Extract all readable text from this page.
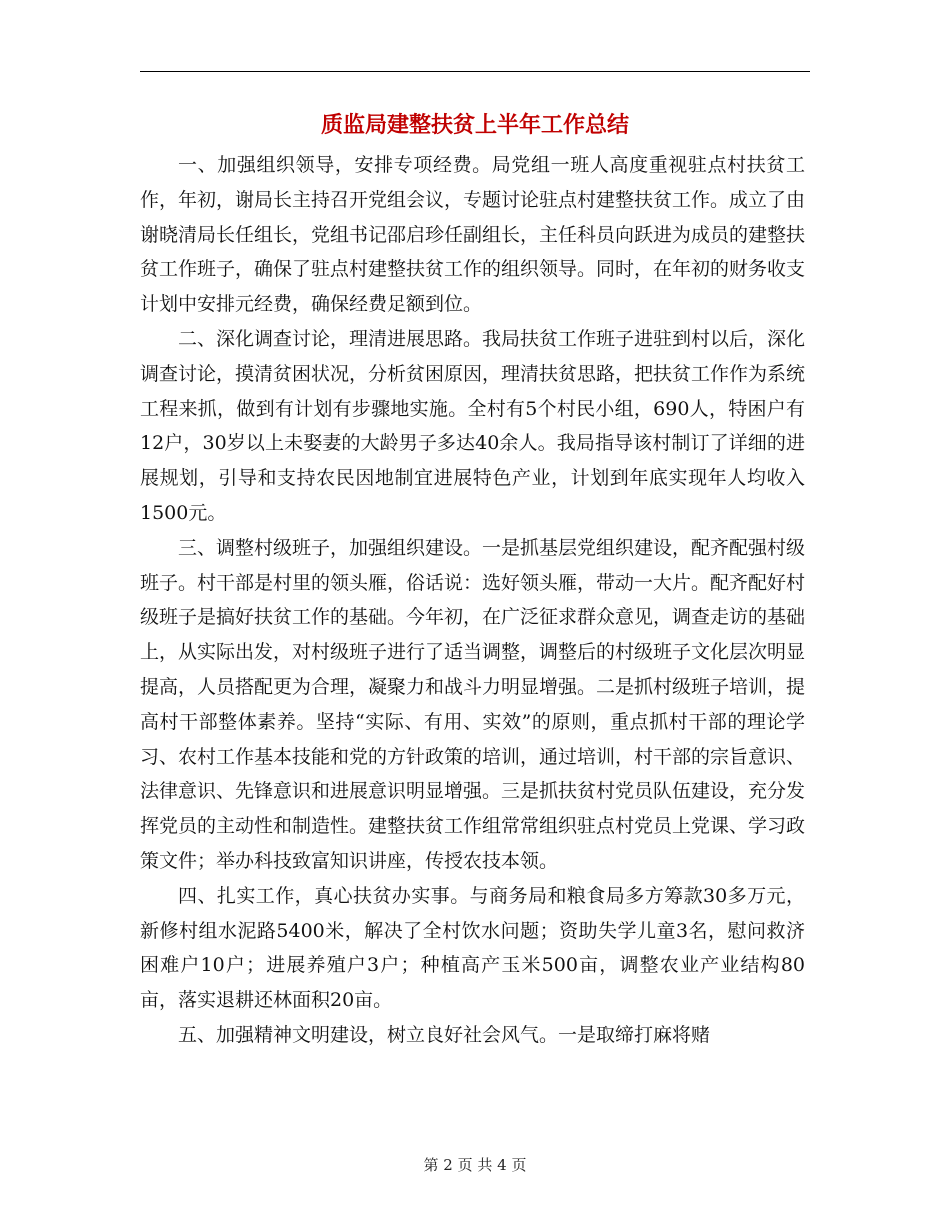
质监局建整扶贫上半年工作总结

一、加强组织领导，安排专项经费。局党组一班人高度重视驻点村扶贫工作，年初，谢局长主持召开党组会议，专题讨论驻点村建整扶贫工作。成立了由谢晓清局长任组长，党组书记邵启珍任副组长，主任科员向跃进为成员的建整扶贫工作班子，确保了驻点村建整扶贫工作的组织领导。同时，在年初的财务收支计划中安排元经费，确保经费足额到位。

二、深化调查讨论，理清进展思路。我局扶贫工作班子进驻到村以后，深化调查讨论，摸清贫困状况，分析贫困原因，理清扶贫思路，把扶贫工作作为系统工程来抓，做到有计划有步骤地实施。全村有5个村民小组，690人，特困户有12户，30岁以上未娶妻的大龄男子多达40余人。我局指导该村制订了详细的进展规划，引导和支持农民因地制宜进展特色产业，计划到年底实现年人均收入1500元。

三、调整村级班子，加强组织建设。一是抓基层党组织建设，配齐配强村级班子。村干部是村里的领头雁，俗话说：选好领头雁，带动一大片。配齐配好村级班子是搞好扶贫工作的基础。今年初，在广泛征求群众意见，调查走访的基础上，从实际出发，对村级班子进行了适当调整，调整后的村级班子文化层次明显提高，人员搭配更为合理，凝聚力和战斗力明显增强。二是抓村级班子培训，提高村干部整体素养。坚持“实际、有用、实效”的原则，重点抓村干部的理论学习、农村工作基本技能和党的方针政策的培训，通过培训，村干部的宗旨意识、法律意识、先锋意识和进展意识明显增强。三是抓扶贫村党员队伍建设，充分发挥党员的主动性和制造性。建整扶贫工作组常常组织驻点村党员上党课、学习政策文件；举办科技致富知识讲座，传授农技本领。

四、扎实工作，真心扶贫办实事。与商务局和粮食局多方筹款30多万元，新修村组水泥路5400米，解决了全村饮水问题；资助失学儿童3名，慰问救济困难户10户；进展养殖户3户；种植高产玉米500亩，调整农业产业结构80亩，落实退耕还林面积20亩。

五、加强精神文明建设，树立良好社会风气。一是取缔打麻将赌

第 2 页 共 4 页
